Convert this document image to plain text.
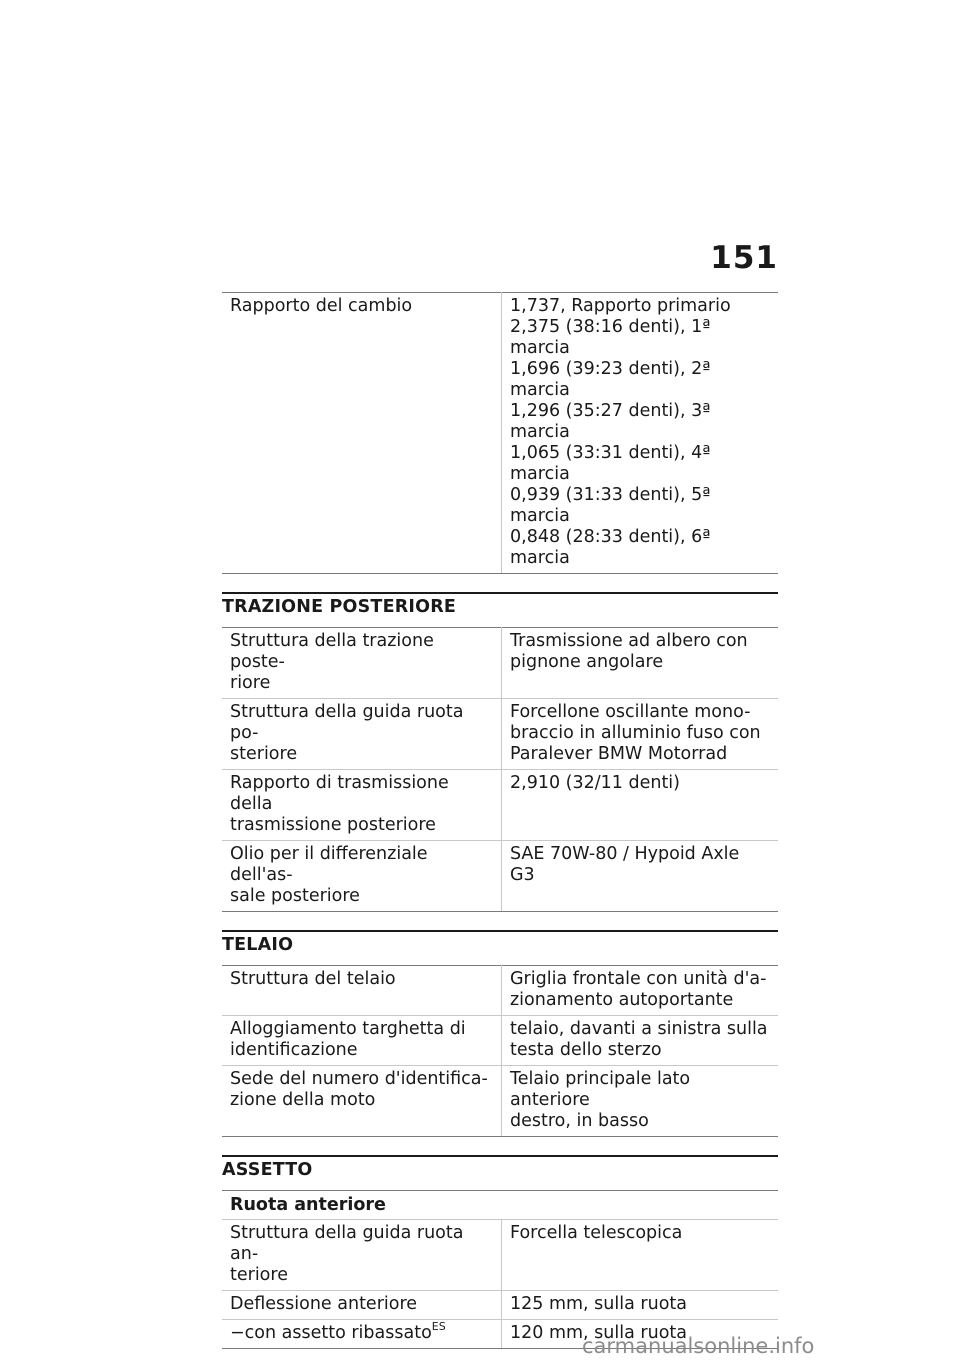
151
Rapporto del cambio	1,737, Rapporto primario
2,375 (38:16 denti), 1ª marcia
1,696 (39:23 denti), 2ª marcia
1,296 (35:27 denti), 3ª marcia
1,065 (33:31 denti), 4ª marcia
0,939 (31:33 denti), 5ª marcia
0,848 (28:33 denti), 6ª marcia
TRAZIONE POSTERIORE
Struttura della trazione poste-
riore	Trasmissione ad albero con
pignone angolare

Struttura della guida ruota po-
steriore	Forcellone oscillante mono-
braccio in alluminio fuso con
Paralever BMW Motorrad

Rapporto di trasmissione della
trasmissione posteriore	2,910 (32/11 denti)

Olio per il differenziale dell'as-
sale posteriore	SAE 70W-80 / Hypoid Axle
G3
TELAIO
Struttura del telaio	Griglia frontale con unità d'a-
zionamento autoportante

Alloggiamento targhetta di
identificazione	telaio, davanti a sinistra sulla
testa dello sterzo

Sede del numero d'identifica-
zione della moto	Telaio principale lato anteriore
destro, in basso
ASSETTO
Ruota anteriore	

Struttura della guida ruota an-
teriore	Forcella telescopica

Deflessione anteriore	125 mm, sulla ruota

−con assetto ribassato$^{ES}$	120 mm, sulla ruota
carmanualsonline.info
